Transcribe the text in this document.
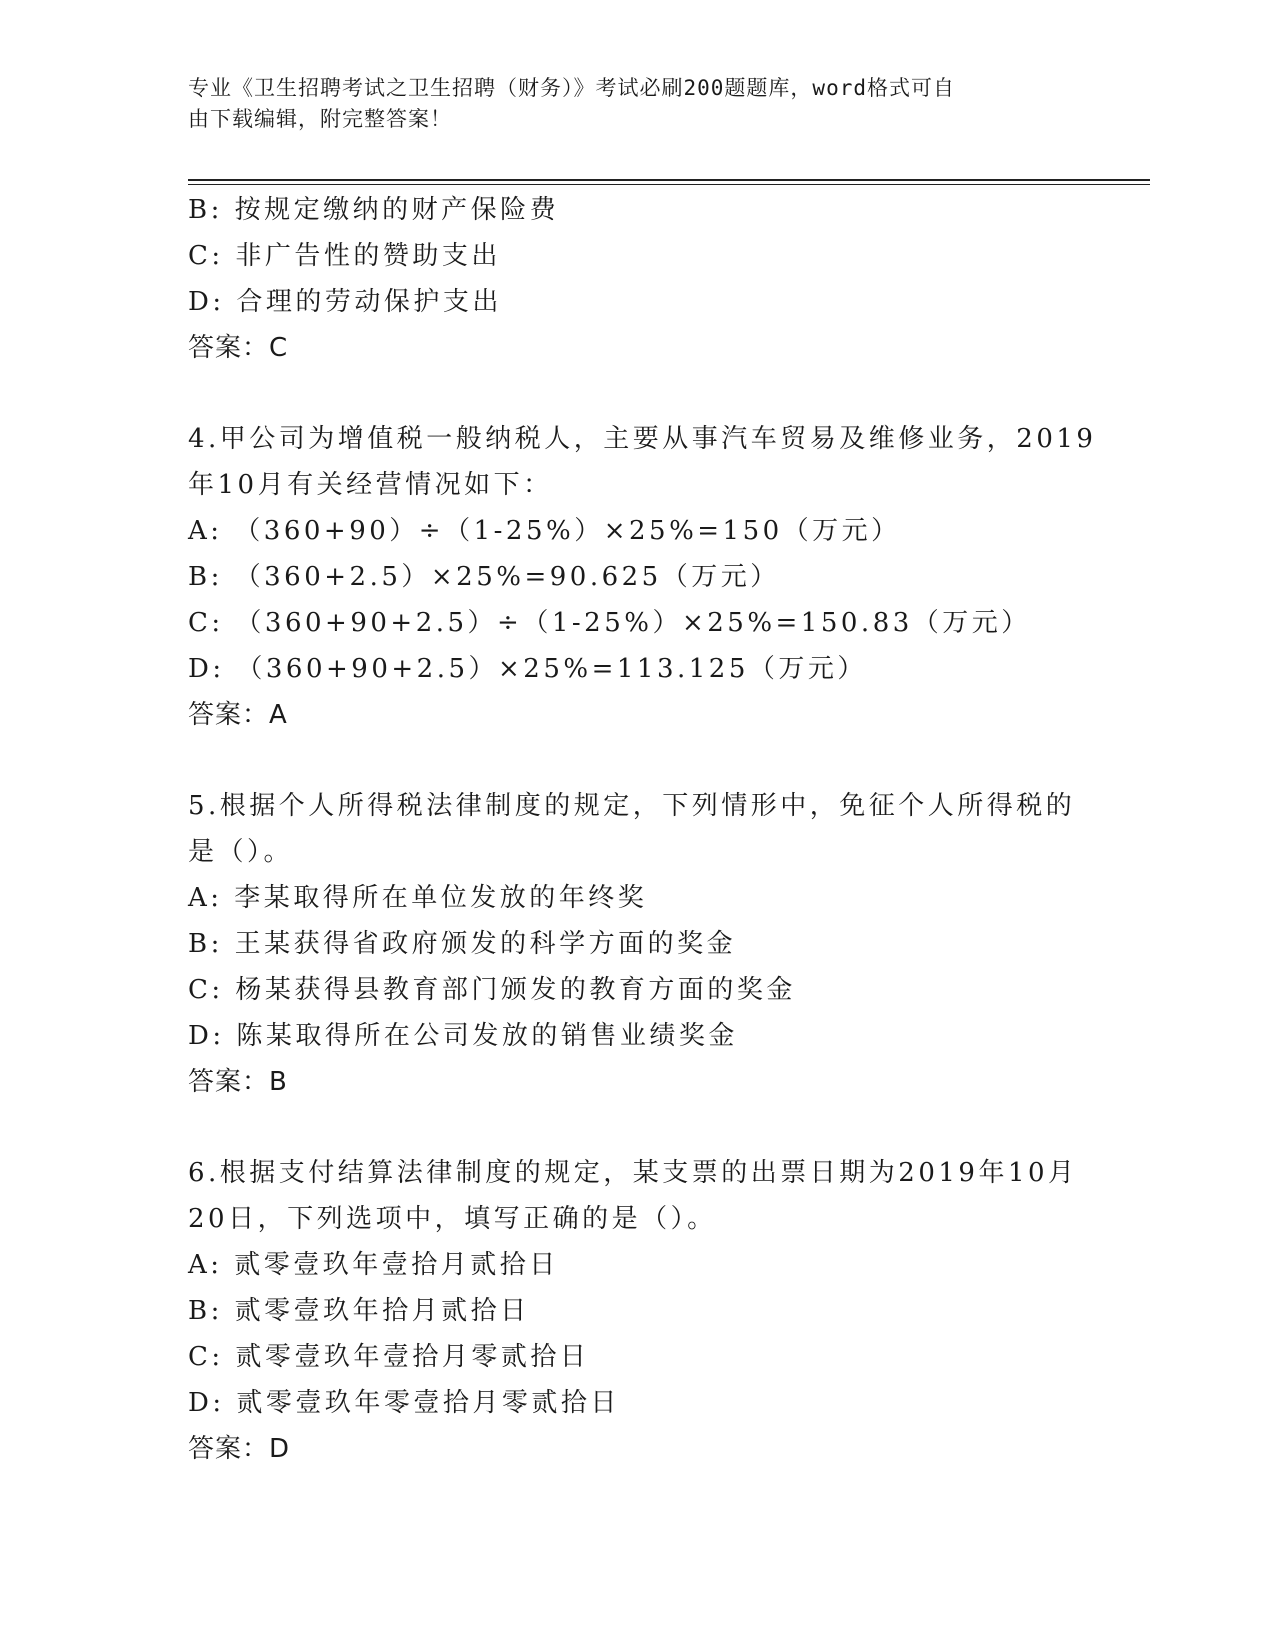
专业《卫生招聘考试之卫生招聘（财务）》考试必刷200题题库，word格式可自
由下载编辑，附完整答案！
B: 按规定缴纳的财产保险费
C: 非广告性的赞助支出
D: 合理的劳动保护支出
答案：C
4.甲公司为增值税一般纳税人，主要从事汽车贸易及维修业务，2019
年10月有关经营情况如下：
A: （360+90）÷（1-25%）×25%=150（万元）
B: （360+2.5）×25%=90.625（万元）
C: （360+90+2.5）÷（1-25%）×25%=150.83（万元）
D: （360+90+2.5）×25%=113.125（万元）
答案：A
5.根据个人所得税法律制度的规定，下列情形中，免征个人所得税的
是（）。
A: 李某取得所在单位发放的年终奖
B: 王某获得省政府颁发的科学方面的奖金
C: 杨某获得县教育部门颁发的教育方面的奖金
D: 陈某取得所在公司发放的销售业绩奖金
答案：B
6.根据支付结算法律制度的规定，某支票的出票日期为2019年10月
20日，下列选项中，填写正确的是（）。
A: 贰零壹玖年壹拾月贰拾日
B: 贰零壹玖年拾月贰拾日
C: 贰零壹玖年壹拾月零贰拾日
D: 贰零壹玖年零壹拾月零贰拾日
答案：D
